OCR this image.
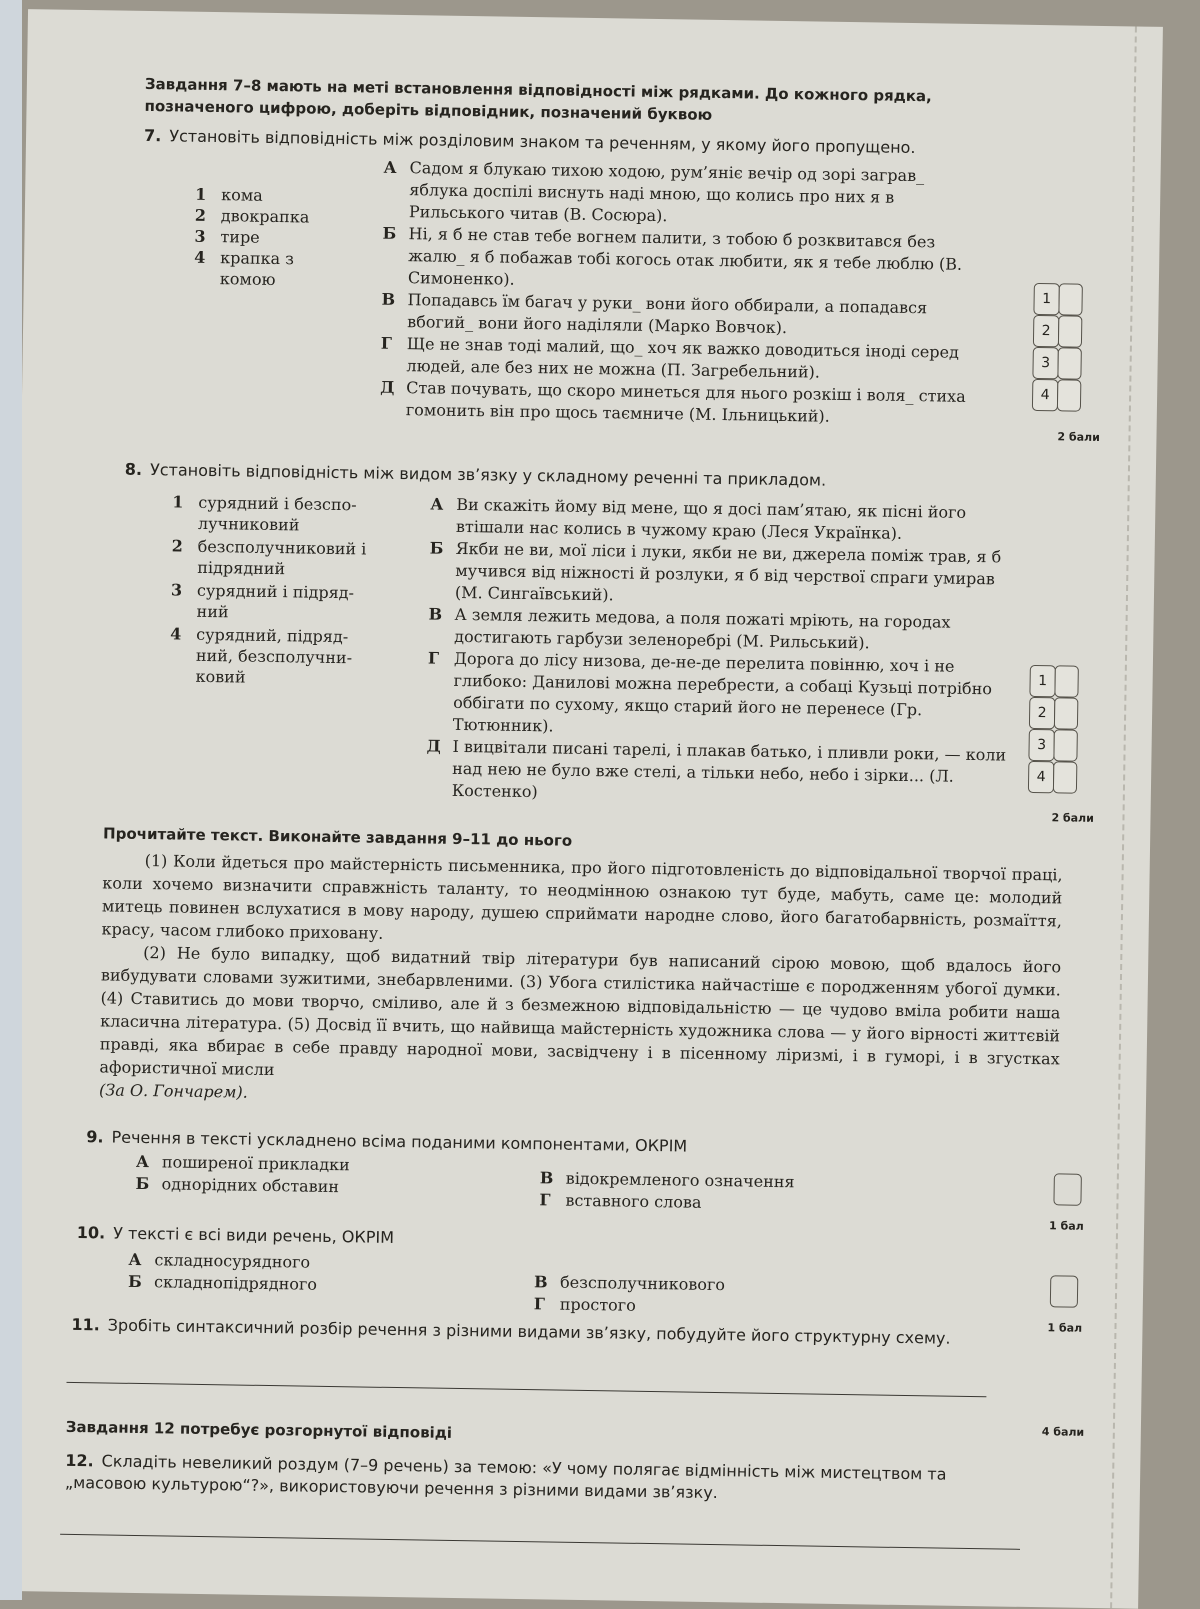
Завдання 7–8 мають на меті встановлення відповідності між рядками. До кожного рядка, позначеного цифрою, доберіть відповідник, позначений буквою
7. Установіть відповідність між розділовим знаком та реченням, у якому його пропущено.
1 кома
2 двокрапка
3 тире
4 крапка з комою
А Садом я блукаю тихою ходою, рум’яніє вечір од зорі заграв_ яблука доспілі виснуть наді мною, що колись про них я в Рильського читав (В. Сосюра).
Б Ні, я б не став тебе вогнем палити, з тобою б розквитався без жалю_ я б побажав тобі когось отак любити, як я тебе люблю (В. Симоненко).
В Попадавсь їм багач у руки_ вони його оббирали, а попадався вбогий_ вони його наділяли (Марко Вовчок).
Г Ще не знав тоді малий, що_ хоч як важко доводиться іноді серед людей, але без них не можна (П. Загребельний).
Д Став почувать, що скоро минеться для нього розкіш і воля_ стиха гомонить він про щось таємниче (М. Ільницький).
1
2
3
4
2 бали
8. Установіть відповідність між видом зв’язку у складному реченні та прикладом.
1 сурядний і безсполучниковий
2 безсполучниковий і підрядний
3 сурядний і підрядний
4 сурядний, підрядний, безсполучниковий
А Ви скажіть йому від мене, що я досі пам’ятаю, як пісні його втішали нас колись в чужому краю (Леся Українка).
Б Якби не ви, мої ліси і луки, якби не ви, джерела поміж трав, я б мучився від ніжності й розлуки, я б від черствої спраги умирав (М. Сингаївський).
В А земля лежить медова, а поля пожаті мріють, на городах достигають гарбузи зеленоребрі (М. Рильський).
Г Дорога до лісу низова, де-не-де перелита повінню, хоч і не глибоко: Данилові можна перебрести, а собаці Кузьці потрібно оббігати по сухому, якщо старий його не перенесе (Гр. Тютюнник).
Д І вицвітали писані тарелі, і плакав батько, і пливли роки, — коли над нею не було вже стелі, а тільки небо, небо і зірки... (Л. Костенко)
1
2
3
4
2 бали
Прочитайте текст. Виконайте завдання 9–11 до нього
(1) Коли йдеться про майстерність письменника, про його підготовленість до відповідальної творчої праці, коли хочемо визначити справжність таланту, то неодмінною ознакою тут буде, мабуть, саме це: молодий митець повинен вслухатися в мову народу, душею сприймати народне слово, його багатобарвність, розмаїття, красу, часом глибоко приховану.
(2) Не було випадку, щоб видатний твір літератури був написаний сірою мовою, щоб вдалось його вибудувати словами зужитими, знебарвленими. (3) Убога стилістика найчастіше є породженням убогої думки. (4) Ставитись до мови творчо, сміливо, але й з безмежною відповідальністю — це чудово вміла робити наша класична література. (5) Досвід її вчить, що найвища майстерність художника слова — у його вірності життєвій правді, яка вбирає в себе правду народної мови, засвідчену і в пісенному ліризмі, і в гуморі, і в згустках афористичної мисли
(За О. Гончарем).
9. Речення в тексті ускладнено всіма поданими компонентами, ОКРІМ
А поширеної прикладки
Б однорідних обставин	В відокремленого означення
Г вставного слова
1 бал
10. У тексті є всі види речень, ОКРІМ
А складносурядного
Б складнопідрядного	В безсполучникового
Г простого
1 бал
11. Зробіть синтаксичний розбір речення з різними видами зв’язку, побудуйте його структурну схему.
4 бали
Завдання 12 потребує розгорнутої відповіді
12. Складіть невеликий роздум (7–9 речень) за темою: «У чому полягає відмінність між мистецтвом та „масовою культурою“?», використовуючи речення з різними видами зв’язку.
